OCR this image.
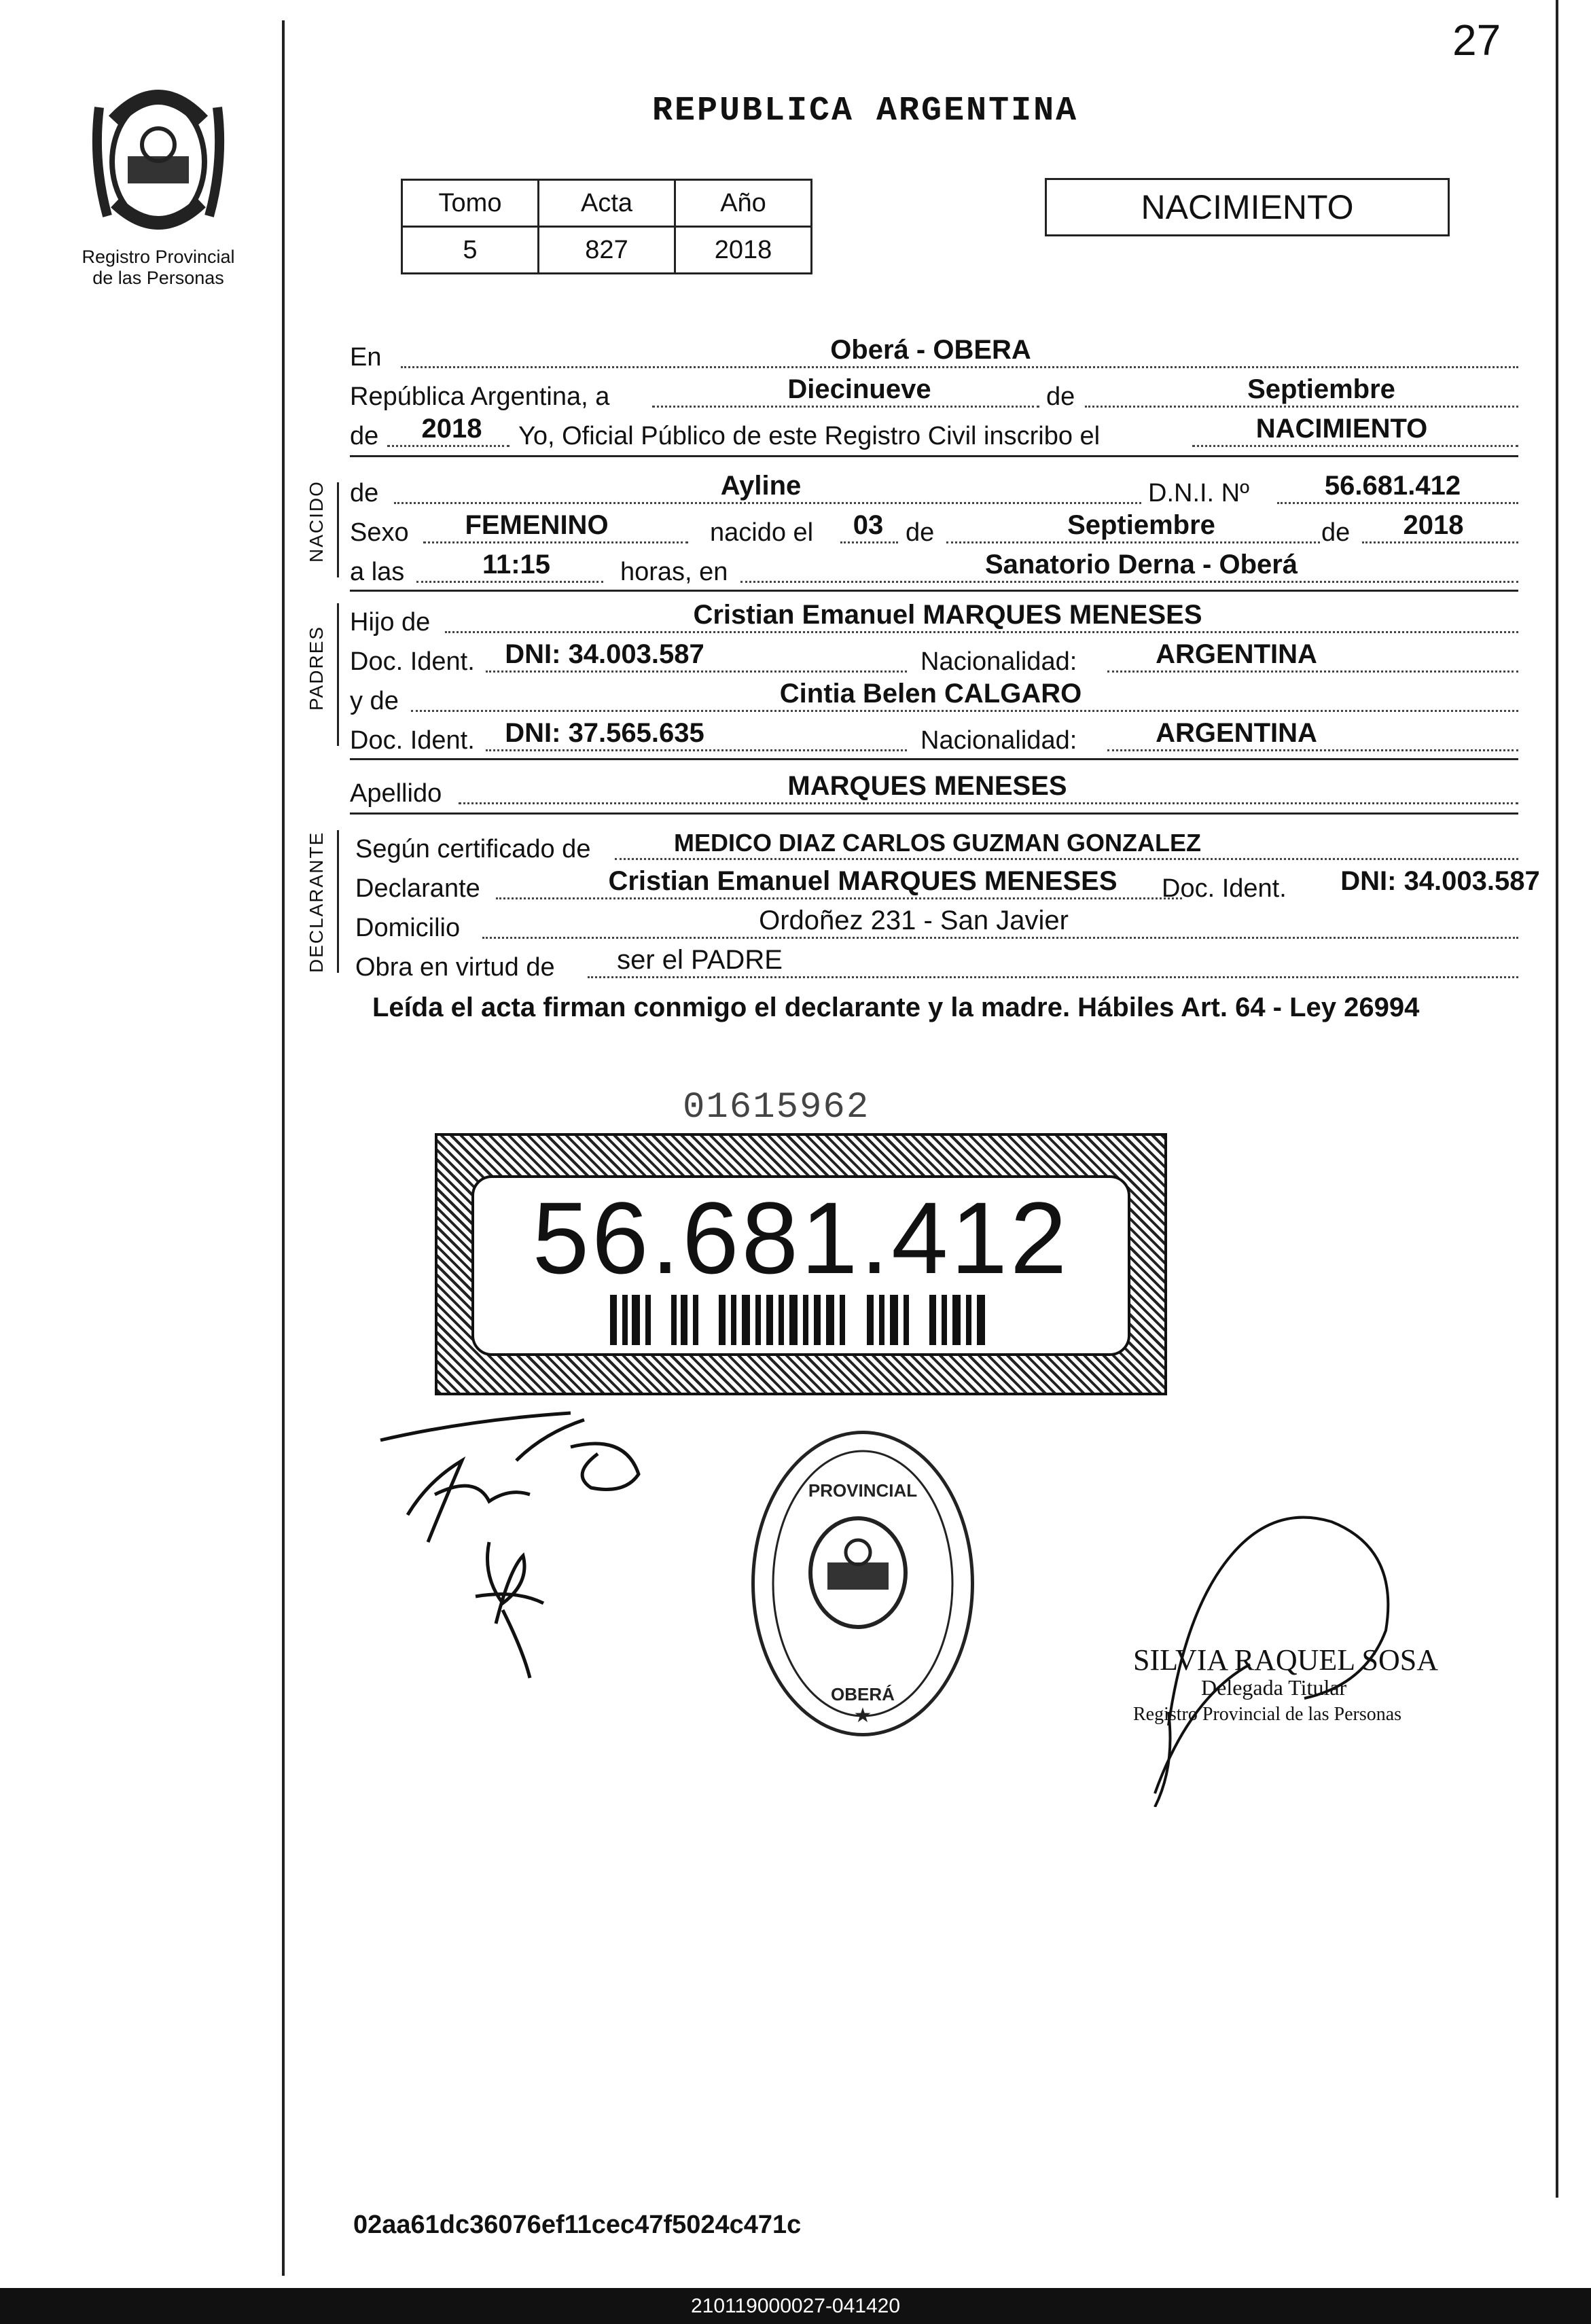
27
Registro Provincial de las Personas
REPUBLICA ARGENTINA
Tomo	Acta	Año
5	827	2018
NACIMIENTO
En	Oberá - OBERA
República Argentina, a	Diecinueve	de	Septiembre
de 2018 Yo, Oficial Público de este Registro Civil inscribo el	NACIMIENTO
NACIDO de	Ayline	D.N.I. Nº	56.681.412
Sexo FEMENINO	nacido el 03 de	Septiembre	de 2018
a las	11:15	horas, en	Sanatorio Derna - Oberá
PADRES
Hijo de	Cristian Emanuel MARQUES MENESES
Doc. Ident. DNI: 34.003.587	Nacionalidad:	ARGENTINA
y de	Cintia Belen CALGARO
Doc. Ident. DNI: 37.565.635	Nacionalidad:	ARGENTINA
Apellido	MARQUES MENESES
DECLARANTE Según certificado de	MEDICO DIAZ CARLOS GUZMAN GONZALEZ
Declarante	Cristian Emanuel MARQUES MENESES Doc. Ident. DNI: 34.003.587
Domicilio	Ordoñez 231 - San Javier
Obra en virtud de ser el PADRE
Leída el acta firman conmigo el declarante y la madre. Hábiles Art. 64 - Ley 26994
01615962
56.681.412
PROVINCIAL
OBERÁ
★
SILVIA RAQUEL SOSA
Delegada Titular
Registro Provincial de las Personas
02aa61dc36076ef11cec47f5024c471c
210119000027-041420
